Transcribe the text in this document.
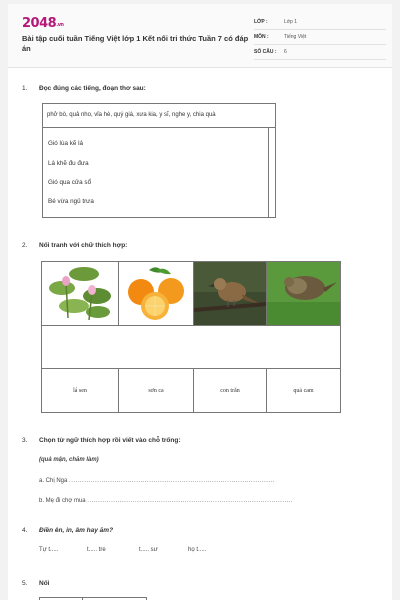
2048.vn
Bài tập cuối tuần Tiếng Việt lớp 1 Kết nối tri thức Tuần 7 có đáp án
LỚP :	Lớp 1
MÔN :	Tiếng Việt
SỐ CÂU :	6
1. Đọc đúng các tiếng, đoạn thơ sau:
phở bò, quả nho, vỉa hè, quý giá, xưa kia, y sĩ, nghe y, chia quà
Gió lùa kẽ lá
Lá khẽ đu đưa
Gió qua cửa sổ
Bé vừa ngủ trưa
2. Nối tranh với chữ thích hợp:
lá sen	sơn ca	con trăn	quả cam
3. Chọn từ ngữ thích hợp rồi viết vào chỗ trống:
(quả mận, chăm làm)
a. Chị Nga ...............................................................................................
b. Mẹ đi chợ mua ...............................................................................................
4. Điền ên, in, âm hay ăm?
Tự t.....	t..... tre	t..... sư	họ t.....
5. Nối
